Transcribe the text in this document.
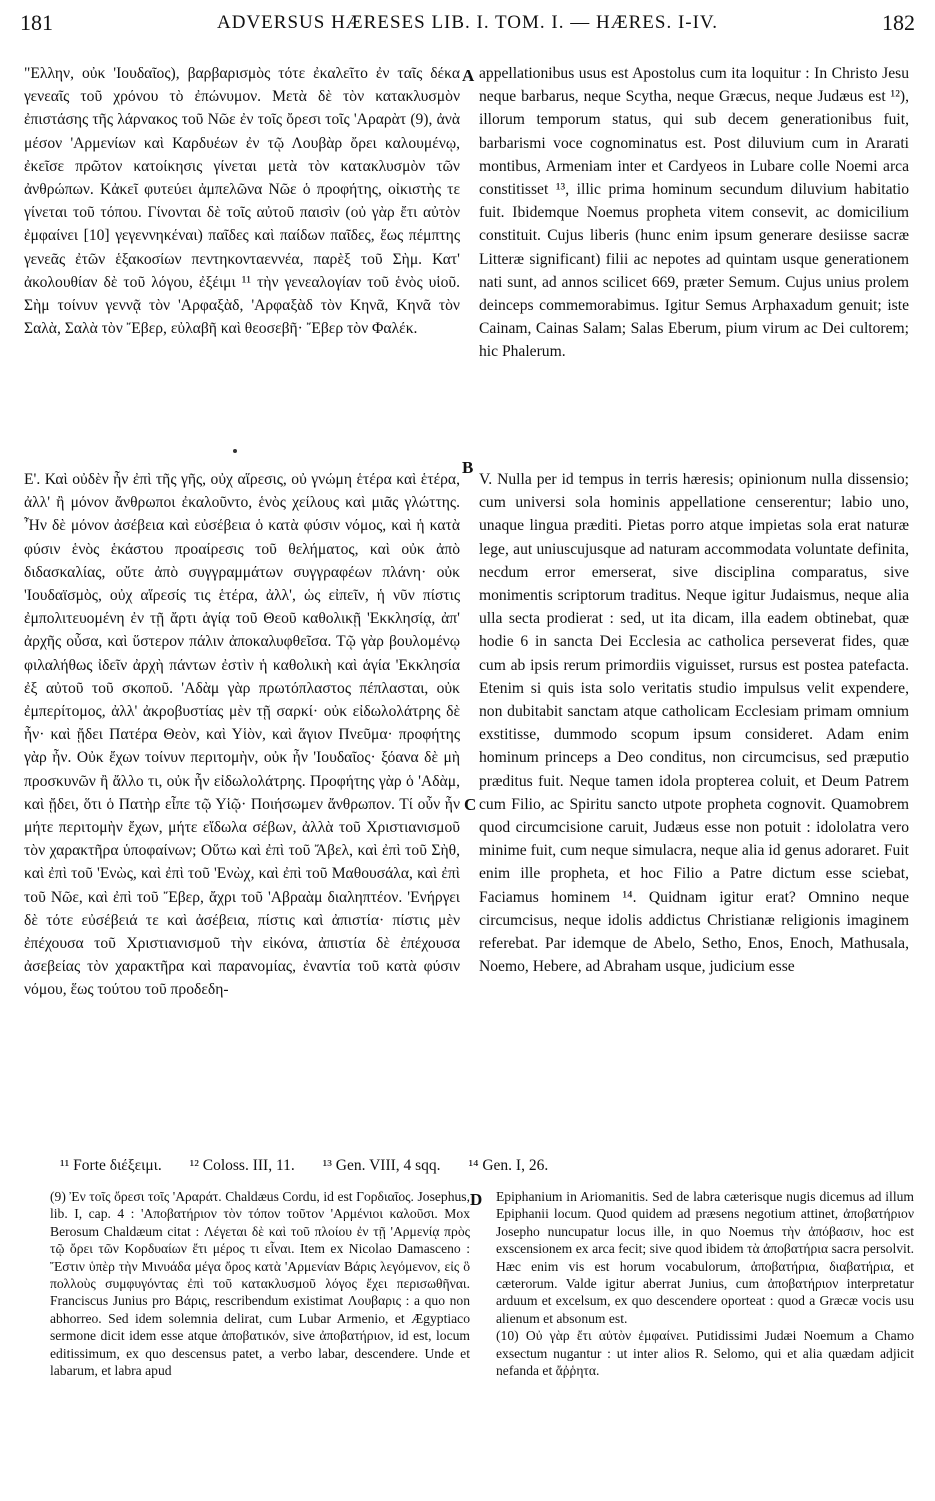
181	ADVERSUS HÆRESES LIB. I. TOM. I. — HÆRES. I-IV.	182

"Ελλην, οὐκ 'Ιουδαῖος), βαρβαρισμὸς τότε ἐκαλεῖτο ἐν ταῖς δέκα γενεαῖς τοῦ χρόνου τὸ ἐπώνυμον. Μετὰ δὲ τὸν κατακλυσμὸν ἐπιστάσης τῆς λάρνακος τοῦ Νῶε ἐν τοῖς ὄρεσι τοῖς 'Αραρὰτ (9), ἀνὰ μέσον 'Αρμενίων καὶ Καρδυέων ἐν τῷ Λουβὰρ ὄρει καλουμένῳ, ἐκεῖσε πρῶτον κατοίκησις γίνεται μετὰ τὸν κατακλυσμὸν τῶν ἀνθρώπων. Κἀκεῖ φυτεύει ἀμπελῶνα Νῶε ὁ προφήτης, οἰκιστὴς τε γίνεται τοῦ τόπου. Γίνονται δὲ τοῖς αὐτοῦ παισὶν (οὐ γὰρ ἔτι αὐτὸν ἐμφαίνει [10] γεγεννηκέναι) παῖδες καὶ παίδων παῖδες, ἕως πέμπτης γενεᾶς ἐτῶν ἑξακοσίων πεντηκονταεννέα, παρὲξ τοῦ Σὴμ. Κατ' ἀκολουθίαν δὲ τοῦ λόγου, ἐξέιμι ¹¹ τὴν γενεαλογίαν τοῦ ἑνὸς υἱοῦ. Σὴμ τοίνυν γεννᾷ τὸν 'Αρφαξὰδ, 'Αρφαξὰδ τὸν Κηνᾶ, Κηνᾶ τὸν Σαλὰ, Σαλὰ τὸν Ἔβερ, εὐλαβῆ καὶ θεοσεβῆ· Ἔβερ τὸν Φαλέκ.

Ε'. Καὶ οὐδὲν ἦν ἐπὶ τῆς γῆς, οὐχ αἵρεσις, οὐ γνώμη ἑτέρα καὶ ἑτέρα, ἀλλ' ἢ μόνον ἄνθρωποι ἐκαλοῦντο, ἑνὸς χείλους καὶ μιᾶς γλώττης. Ἦν δὲ μόνον ἀσέβεια καὶ εὐσέβεια ὁ κατὰ φύσιν νόμος, καὶ ἡ κατὰ φύσιν ἑνὸς ἑκάστου προαίρεσις τοῦ θελήματος, καὶ οὐκ ἀπὸ διδασκαλίας, οὔτε ἀπὸ συγγραμμάτων συγγραφέων πλάνη· οὐκ 'Ιουδαϊσμὸς, οὐχ αἵρεσίς τις ἑτέρα, ἀλλ', ὡς εἰπεῖν, ἡ νῦν πίστις ἐμπολιτευομένη ἐν τῇ ἄρτι ἁγίᾳ τοῦ Θεοῦ καθολικῇ 'Εκκλησίᾳ, ἀπ' ἀρχῆς οὖσα, καὶ ὕστερον πάλιν ἀποκαλυφθεῖσα. Τῷ γὰρ βουλομένῳ φιλαλήθως ἰδεῖν ἀρχὴ πάντων ἐστὶν ἡ καθολικὴ καὶ ἁγία 'Εκκλησία ἐξ αὐτοῦ τοῦ σκοποῦ. 'Αδὰμ γὰρ πρωτόπλαστος πέπλασται, οὐκ ἐμπερίτομος, ἀλλ' ἀκροβυστίας μὲν τῇ σαρκί· οὐκ εἰδωλολάτρης δὲ ἦν· καὶ ᾔδει Πατέρα Θεὸν, καὶ Υἱὸν, καὶ ἅγιον Πνεῦμα· προφήτης γὰρ ἦν. Οὐκ ἔχων τοίνυν περιτομὴν, οὐκ ἦν 'Ιουδαῖος· ξόανα δὲ μὴ προσκυνῶν ἢ ἄλλο τι, οὐκ ἦν εἰδωλολάτρης. Προφήτης γὰρ ὁ 'Αδὰμ, καὶ ᾔδει, ὅτι ὁ Πατὴρ εἶπε τῷ Υἱῷ· Ποιήσωμεν ἄνθρωπον. Τί οὖν ἦν μήτε περιτομὴν ἔχων, μήτε εἴδωλα σέβων, ἀλλὰ τοῦ Χριστιανισμοῦ τὸν χαρακτῆρα ὑποφαίνων; Οὕτω καὶ ἐπὶ τοῦ Ἄβελ, καὶ ἐπὶ τοῦ Σὴθ, καὶ ἐπὶ τοῦ 'Ενὼς, καὶ ἐπὶ τοῦ 'Ενὼχ, καὶ ἐπὶ τοῦ Μαθουσάλα, καὶ ἐπὶ τοῦ Νῶε, καὶ ἐπὶ τοῦ Ἔβερ, ἄχρι τοῦ 'Αβραὰμ διαληπτέον. 'Ενήργει δὲ τότε εὐσέβειά τε καὶ ἀσέβεια, πίστις καὶ ἀπιστία· πίστις μὲν ἐπέχουσα τοῦ Χριστιανισμοῦ τὴν εἰκόνα, ἀπιστία δὲ ἐπέχουσα ἀσεβείας τὸν χαρακτῆρα καὶ παρανομίας, ἐναντία τοῦ κατὰ φύσιν νόμου, ἕως τούτου τοῦ προδεδη-

A
B
C
D

appellationibus usus est Apostolus cum ita loquitur : In Christo Jesu neque barbarus, neque Scytha, neque Græcus, neque Judæus est ¹²), illorum temporum status, qui sub decem generationibus fuit, barbarismi voce cognominatus est. Post diluvium cum in Ararati montibus, Armeniam inter et Cardyeos in Lubare colle Noemi arca constitisset ¹³, illic prima hominum secundum diluvium habitatio fuit. Ibidemque Noemus propheta vitem consevit, ac domicilium constituit. Cujus liberis (hunc enim ipsum generare desiisse sacræ Litteræ significant) filii ac nepotes ad quintam usque generationem nati sunt, ad annos scilicet 669, præter Semum. Cujus unius prolem deinceps commemorabimus. Igitur Semus Arphaxadum genuit; iste Cainam, Cainas Salam; Salas Eberum, pium virum ac Dei cultorem; hic Phalerum.

V. Nulla per id tempus in terris hæresis; opinionum nulla dissensio; cum universi sola hominis appellatione censerentur; labio uno, unaque lingua præditi. Pietas porro atque impietas sola erat naturæ lege, aut uniuscujusque ad naturam accommodata voluntate definita, necdum error emerserat, sive disciplina comparatus, sive monimentis scriptorum traditus. Neque igitur Judaismus, neque alia ulla secta prodierat : sed, ut ita dicam, illa eadem obtinebat, quæ hodie 6 in sancta Dei Ecclesia ac catholica perseverat fides, quæ cum ab ipsis rerum primordiis viguisset, rursus est postea patefacta. Etenim si quis ista solo veritatis studio impulsus velit expendere, non dubitabit sanctam atque catholicam Ecclesiam primam omnium exstitisse, dummodo scopum ipsum consideret. Adam enim hominum princeps a Deo conditus, non circumcisus, sed præputio præditus fuit. Neque tamen idola propterea coluit, et Deum Patrem cum Filio, ac Spiritu sancto utpote propheta cognovit. Quamobrem quod circumcisione caruit, Judæus esse non potuit : idololatra vero minime fuit, cum neque simulacra, neque alia id genus adoraret. Fuit enim ille propheta, et hoc Filio a Patre dictum esse sciebat, Faciamus hominem ¹⁴. Quidnam igitur erat? Omnino neque circumcisus, neque idolis addictus Christianæ religionis imaginem referebat. Par idemque de Abelo, Setho, Enos, Enoch, Mathusala, Noemo, Hebere, ad Abraham usque, judicium esse

¹¹ Forte διέξειμι. ¹² Coloss. III, 11. ¹³ Gen. VIII, 4 sqq. ¹⁴ Gen. I, 26.

(9) Ἐν τοῖς ὄρεσι τοῖς 'Αραράτ. Chaldæus Cordu, id est Γορδιαῖος. Josephus, lib. I, cap. 4 : 'Αποβατήριον τὸν τόπον τοῦτον 'Αρμένιοι καλοῦσι. Mox Berosum Chaldæum citat : Λέγεται δὲ καὶ τοῦ πλοίου ἐν τῇ 'Αρμενίᾳ πρὸς τῷ ὄρει τῶν Κορδυαίων ἔτι μέρος τι εἶναι. Item ex Nicolao Damasceno : Ἔστιν ὑπὲρ τὴν Μινυάδα μέγα ὄρος κατὰ 'Αρμενίαν Βάρις λεγόμενον, εἰς ὃ πολλοὺς συμφυγόντας ἐπὶ τοῦ κατακλυσμοῦ λόγος ἔχει περισωθῆναι. Franciscus Junius pro Βάρις, rescribendum existimat Λουβαρις : a quo non abhorreo. Sed idem solemnia delirat, cum Lubar Armenio, et Ægyptiaco sermone dicit idem esse atque ἀποβατικόν, sive ἀποβατήριον, id est, locum editissimum, ex quo descensus patet, a verbo labar, descendere. Unde et labarum, et labra apud

Epiphanium in Ariomanitis. Sed de labra cæterisque nugis dicemus ad illum Epiphanii locum. Quod quidem ad præsens negotium attinet, ἀποβατήριον Josepho nuncupatur locus ille, in quo Noemus τὴν ἀπόβασιν, hoc est exscensionem ex arca fecit; sive quod ibidem τὰ ἀποβατήρια sacra persolvit. Hæc enim vis est horum vocabulorum, ἀποβατήρια, διαβατήρια, et cæterorum. Valde igitur aberrat Junius, cum ἀποβατήριον interpretatur arduum et excelsum, ex quo descendere oporteat : quod a Græcæ vocis usu alienum et absonum est.
(10) Οὐ γὰρ ἔτι αὐτὸν ἐμφαίνει. Putidissimi Judæi Noemum a Chamo exsectum nugantur : ut inter alios R. Selomo, qui et alia quædam adjicit nefanda et ἄῤῥητα.
